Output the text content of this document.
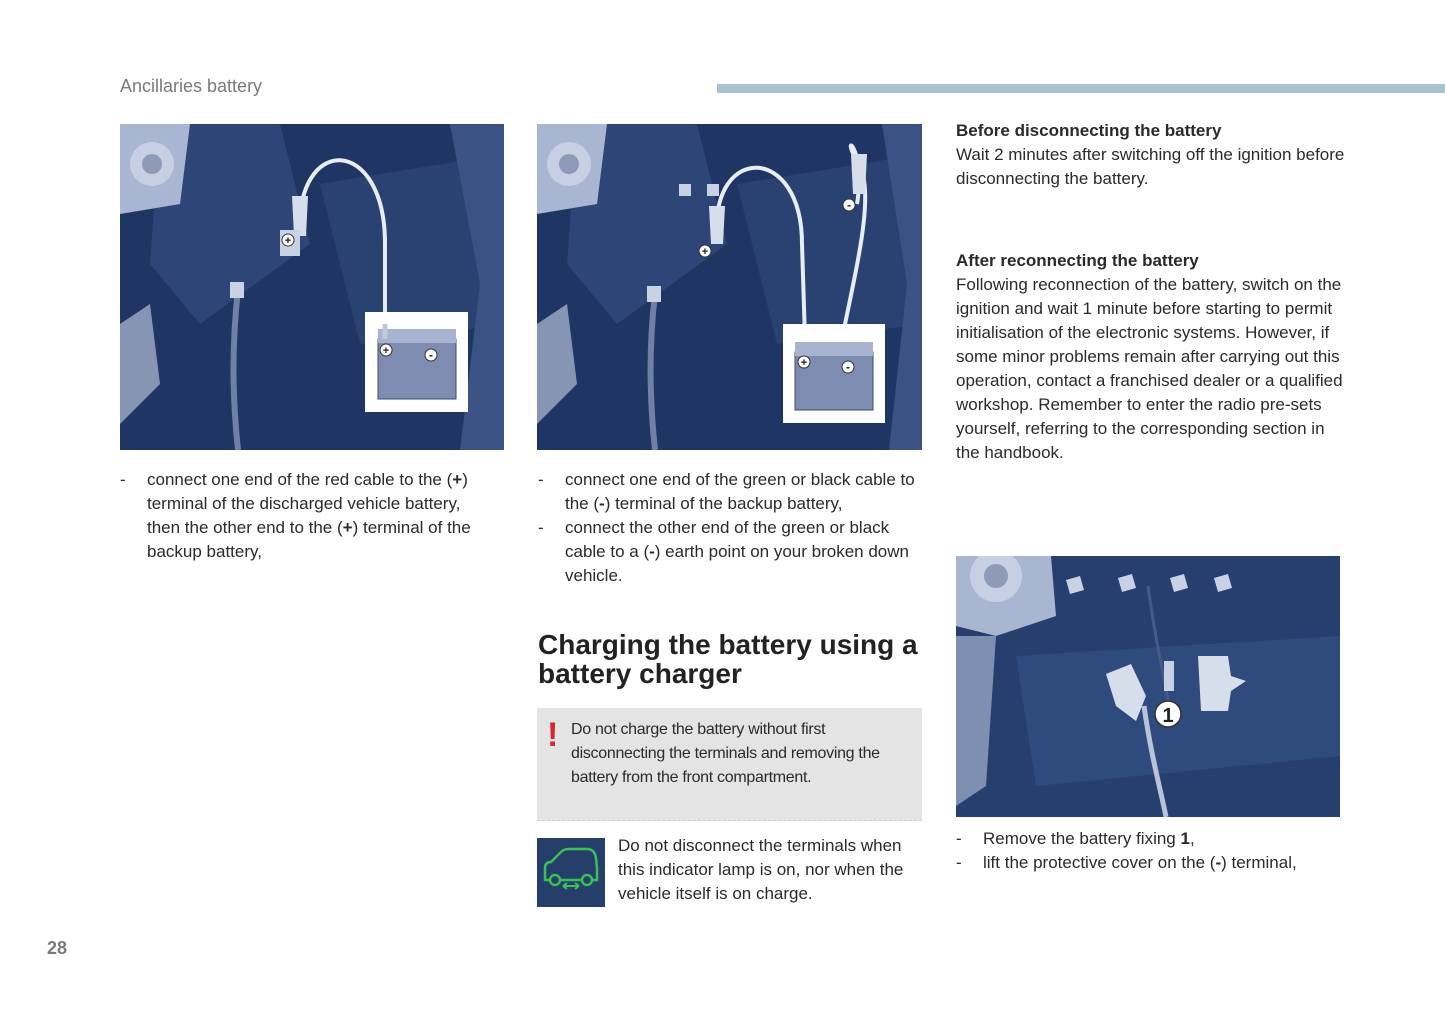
Ancillaries battery
+
+	-
- connect one end of the red cable to the (+) terminal of the discharged vehicle battery, then the other end to the (+) terminal of the backup battery,
+
-
+	-
- connect one end of the green or black cable to the (-) terminal of the backup battery,
- connect the other end of the green or black cable to a (-) earth point on your broken down vehicle.
Charging the battery using a battery charger
! Do not charge the battery without first disconnecting the terminals and removing the battery from the front compartment.
Do not disconnect the terminals when this indicator lamp is on, nor when the vehicle itself is on charge.
Before disconnecting the battery
Wait 2 minutes after switching off the ignition before disconnecting the battery.
After reconnecting the battery
Following reconnection of the battery, switch on the ignition and wait 1 minute before starting to permit initialisation of the electronic systems. However, if some minor problems remain after carrying out this operation, contact a franchised dealer or a qualified workshop. Remember to enter the radio pre-sets yourself, referring to the corresponding section in the handbook.
1
- Remove the battery fixing 1,
- lift the protective cover on the (-) terminal,
28
